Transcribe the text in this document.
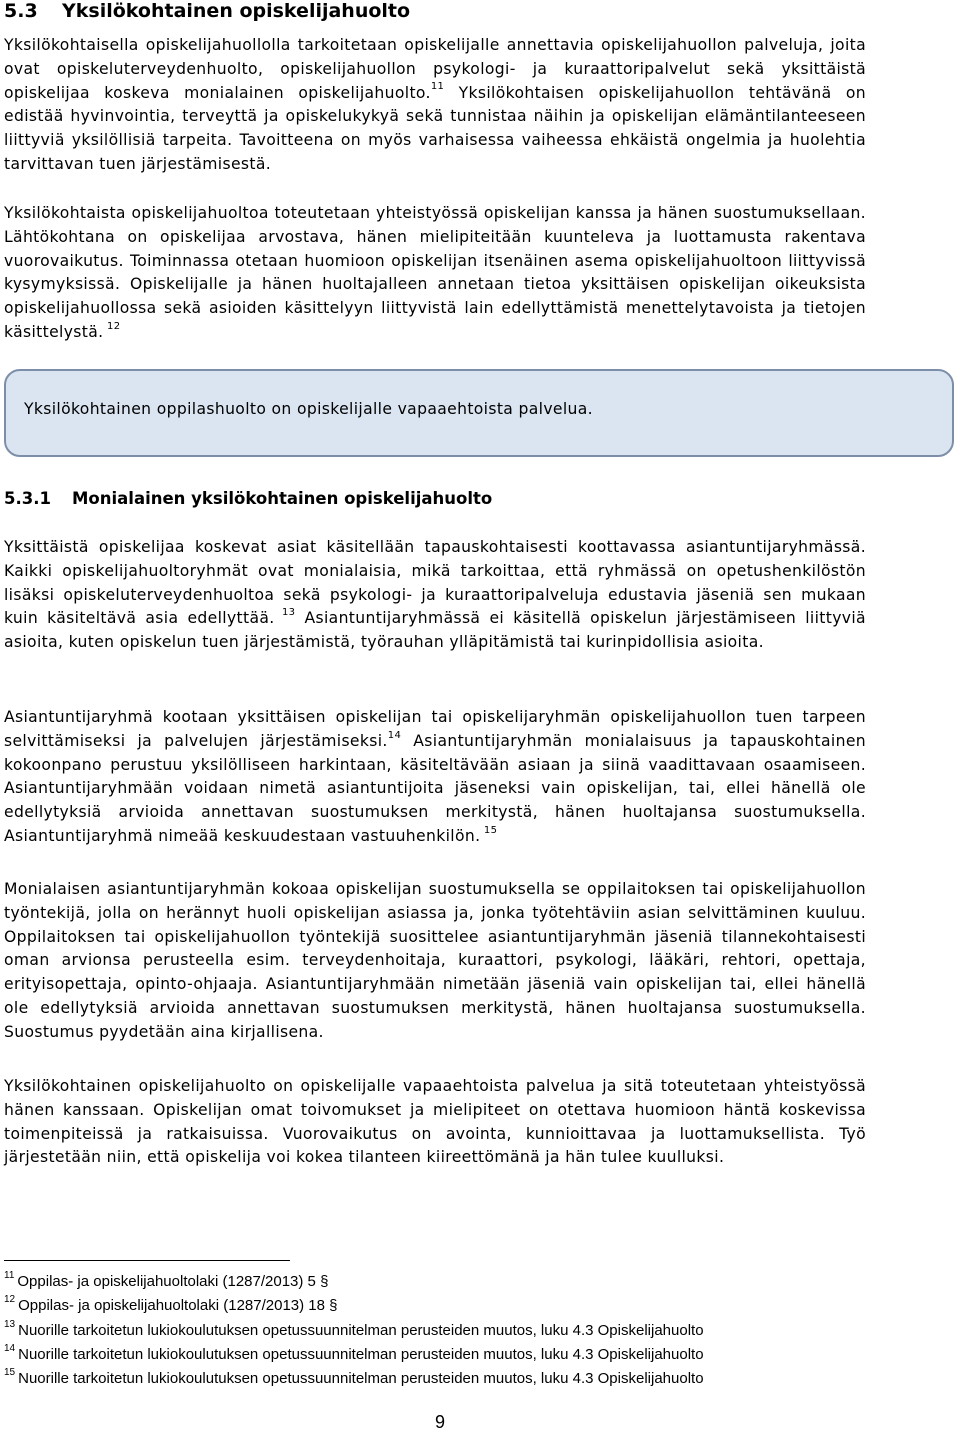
5.3 Yksilökohtainen opiskelijahuolto

Yksilökohtaisella opiskelijahuollolla tarkoitetaan opiskelijalle annettavia opiskelijahuollon palveluja, joita ovat opiskeluterveydenhuolto, opiskelijahuollon psykologi- ja kuraattoripalvelut sekä yksittäistä opiskelijaa koskeva monialainen opiskelijahuolto.$^{11}$ Yksilökohtaisen opiskelijahuollon tehtävänä on edistää hyvinvointia, terveyttä ja opiskelukykyä sekä tunnistaa näihin ja opiskelijan elämäntilanteeseen liittyviä yksilöllisiä tarpeita. Tavoitteena on myös varhaisessa vaiheessa ehkäistä ongelmia ja huolehtia tarvittavan tuen järjestämisestä.

Yksilökohtaista opiskelijahuoltoa toteutetaan yhteistyössä opiskelijan kanssa ja hänen suostumuksellaan. Lähtökohtana on opiskelijaa arvostava, hänen mielipiteitään kuunteleva ja luottamusta rakentava vuorovaikutus. Toiminnassa otetaan huomioon opiskelijan itsenäinen asema opiskelijahuoltoon liittyvissä kysymyksissä. Opiskelijalle ja hänen huoltajalleen annetaan tietoa yksittäisen opiskelijan oikeuksista opiskelijahuollossa sekä asioiden käsittelyyn liittyvistä lain edellyttämistä menettelytavoista ja tietojen käsittelystä. $^{12}$

Yksilökohtainen oppilashuolto on opiskelijalle vapaaehtoista palvelua.
5.3.1 Monialainen yksilökohtainen opiskelijahuolto

Yksittäistä opiskelijaa koskevat asiat käsitellään tapauskohtaisesti koottavassa asiantuntijaryhmässä. Kaikki opiskelijahuoltoryhmät ovat monialaisia, mikä tarkoittaa, että ryhmässä on opetushenkilöstön lisäksi opiskeluterveydenhuoltoa sekä psykologi- ja kuraattoripalveluja edustavia jäseniä sen mukaan kuin käsiteltävä asia edellyttää. $^{13}$ Asiantuntijaryhmässä ei käsitellä opiskelun järjestämiseen liittyviä asioita, kuten opiskelun tuen järjestämistä, työrauhan ylläpitämistä tai kurinpidollisia asioita.

Asiantuntijaryhmä kootaan yksittäisen opiskelijan tai opiskelijaryhmän opiskelijahuollon tuen tarpeen selvittämiseksi ja palvelujen järjestämiseksi.$^{14}$ Asiantuntijaryhmän monialaisuus ja tapauskohtainen kokoonpano perustuu yksilölliseen harkintaan, käsiteltävään asiaan ja siinä vaadittavaan osaamiseen. Asiantuntijaryhmään voidaan nimetä asiantuntijoita jäseneksi vain opiskelijan, tai, ellei hänellä ole edellytyksiä arvioida annettavan suostumuksen merkitystä, hänen huoltajansa suostumuksella. Asiantuntijaryhmä nimeää keskuudestaan vastuuhenkilön. $^{15}$

Monialaisen asiantuntijaryhmän kokoaa opiskelijan suostumuksella se oppilaitoksen tai opiskelijahuollon työntekijä, jolla on herännyt huoli opiskelijan asiassa ja, jonka työtehtäviin asian selvittäminen kuuluu. Oppilaitoksen tai opiskelijahuollon työntekijä suosittelee asiantuntijaryhmän jäseniä tilannekohtaisesti oman arvionsa perusteella esim. terveydenhoitaja, kuraattori, psykologi, lääkäri, rehtori, opettaja, erityisopettaja, opinto-ohjaaja. Asiantuntijaryhmään nimetään jäseniä vain opiskelijan tai, ellei hänellä ole edellytyksiä arvioida annettavan suostumuksen merkitystä, hänen huoltajansa suostumuksella. Suostumus pyydetään aina kirjallisena.

Yksilökohtainen opiskelijahuolto on opiskelijalle vapaaehtoista palvelua ja sitä toteutetaan yhteistyössä hänen kanssaan. Opiskelijan omat toivomukset ja mielipiteet on otettava huomioon häntä koskevissa toimenpiteissä ja ratkaisuissa. Vuorovaikutus on avointa, kunnioittavaa ja luottamuksellista. Työ järjestetään niin, että opiskelija voi kokea tilanteen kiireettömänä ja hän tulee kuulluksi.

$^{11}$ Oppilas- ja opiskelijahuoltolaki (1287/2013) 5 §
$^{12}$ Oppilas- ja opiskelijahuoltolaki (1287/2013) 18 §
$^{13}$ Nuorille tarkoitetun lukiokoulutuksen opetussuunnitelman perusteiden muutos, luku 4.3 Opiskelijahuolto
$^{14}$ Nuorille tarkoitetun lukiokoulutuksen opetussuunnitelman perusteiden muutos, luku 4.3 Opiskelijahuolto
$^{15}$ Nuorille tarkoitetun lukiokoulutuksen opetussuunnitelman perusteiden muutos, luku 4.3 Opiskelijahuolto
9
